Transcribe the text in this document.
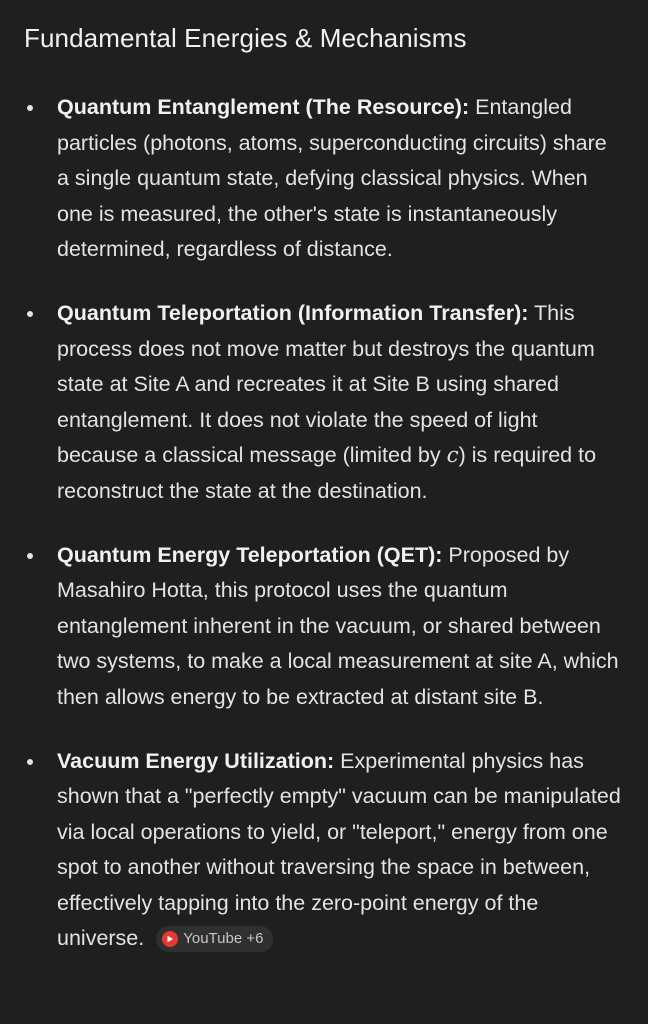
Fundamental Energies & Mechanisms
Quantum Entanglement (The Resource): Entangled particles (photons, atoms, superconducting circuits) share a single quantum state, defying classical physics. When one is measured, the other's state is instantaneously determined, regardless of distance.
Quantum Teleportation (Information Transfer): This process does not move matter but destroys the quantum state at Site A and recreates it at Site B using shared entanglement. It does not violate the speed of light because a classical message (limited by c) is required to reconstruct the state at the destination.
Quantum Energy Teleportation (QET): Proposed by Masahiro Hotta, this protocol uses the quantum entanglement inherent in the vacuum, or shared between two systems, to make a local measurement at site A, which then allows energy to be extracted at distant site B.
Vacuum Energy Utilization: Experimental physics has shown that a "perfectly empty" vacuum can be manipulated via local operations to yield, or "teleport," energy from one spot to another without traversing the space in between, effectively tapping into the zero-point energy of the universe.	YouTube +6
